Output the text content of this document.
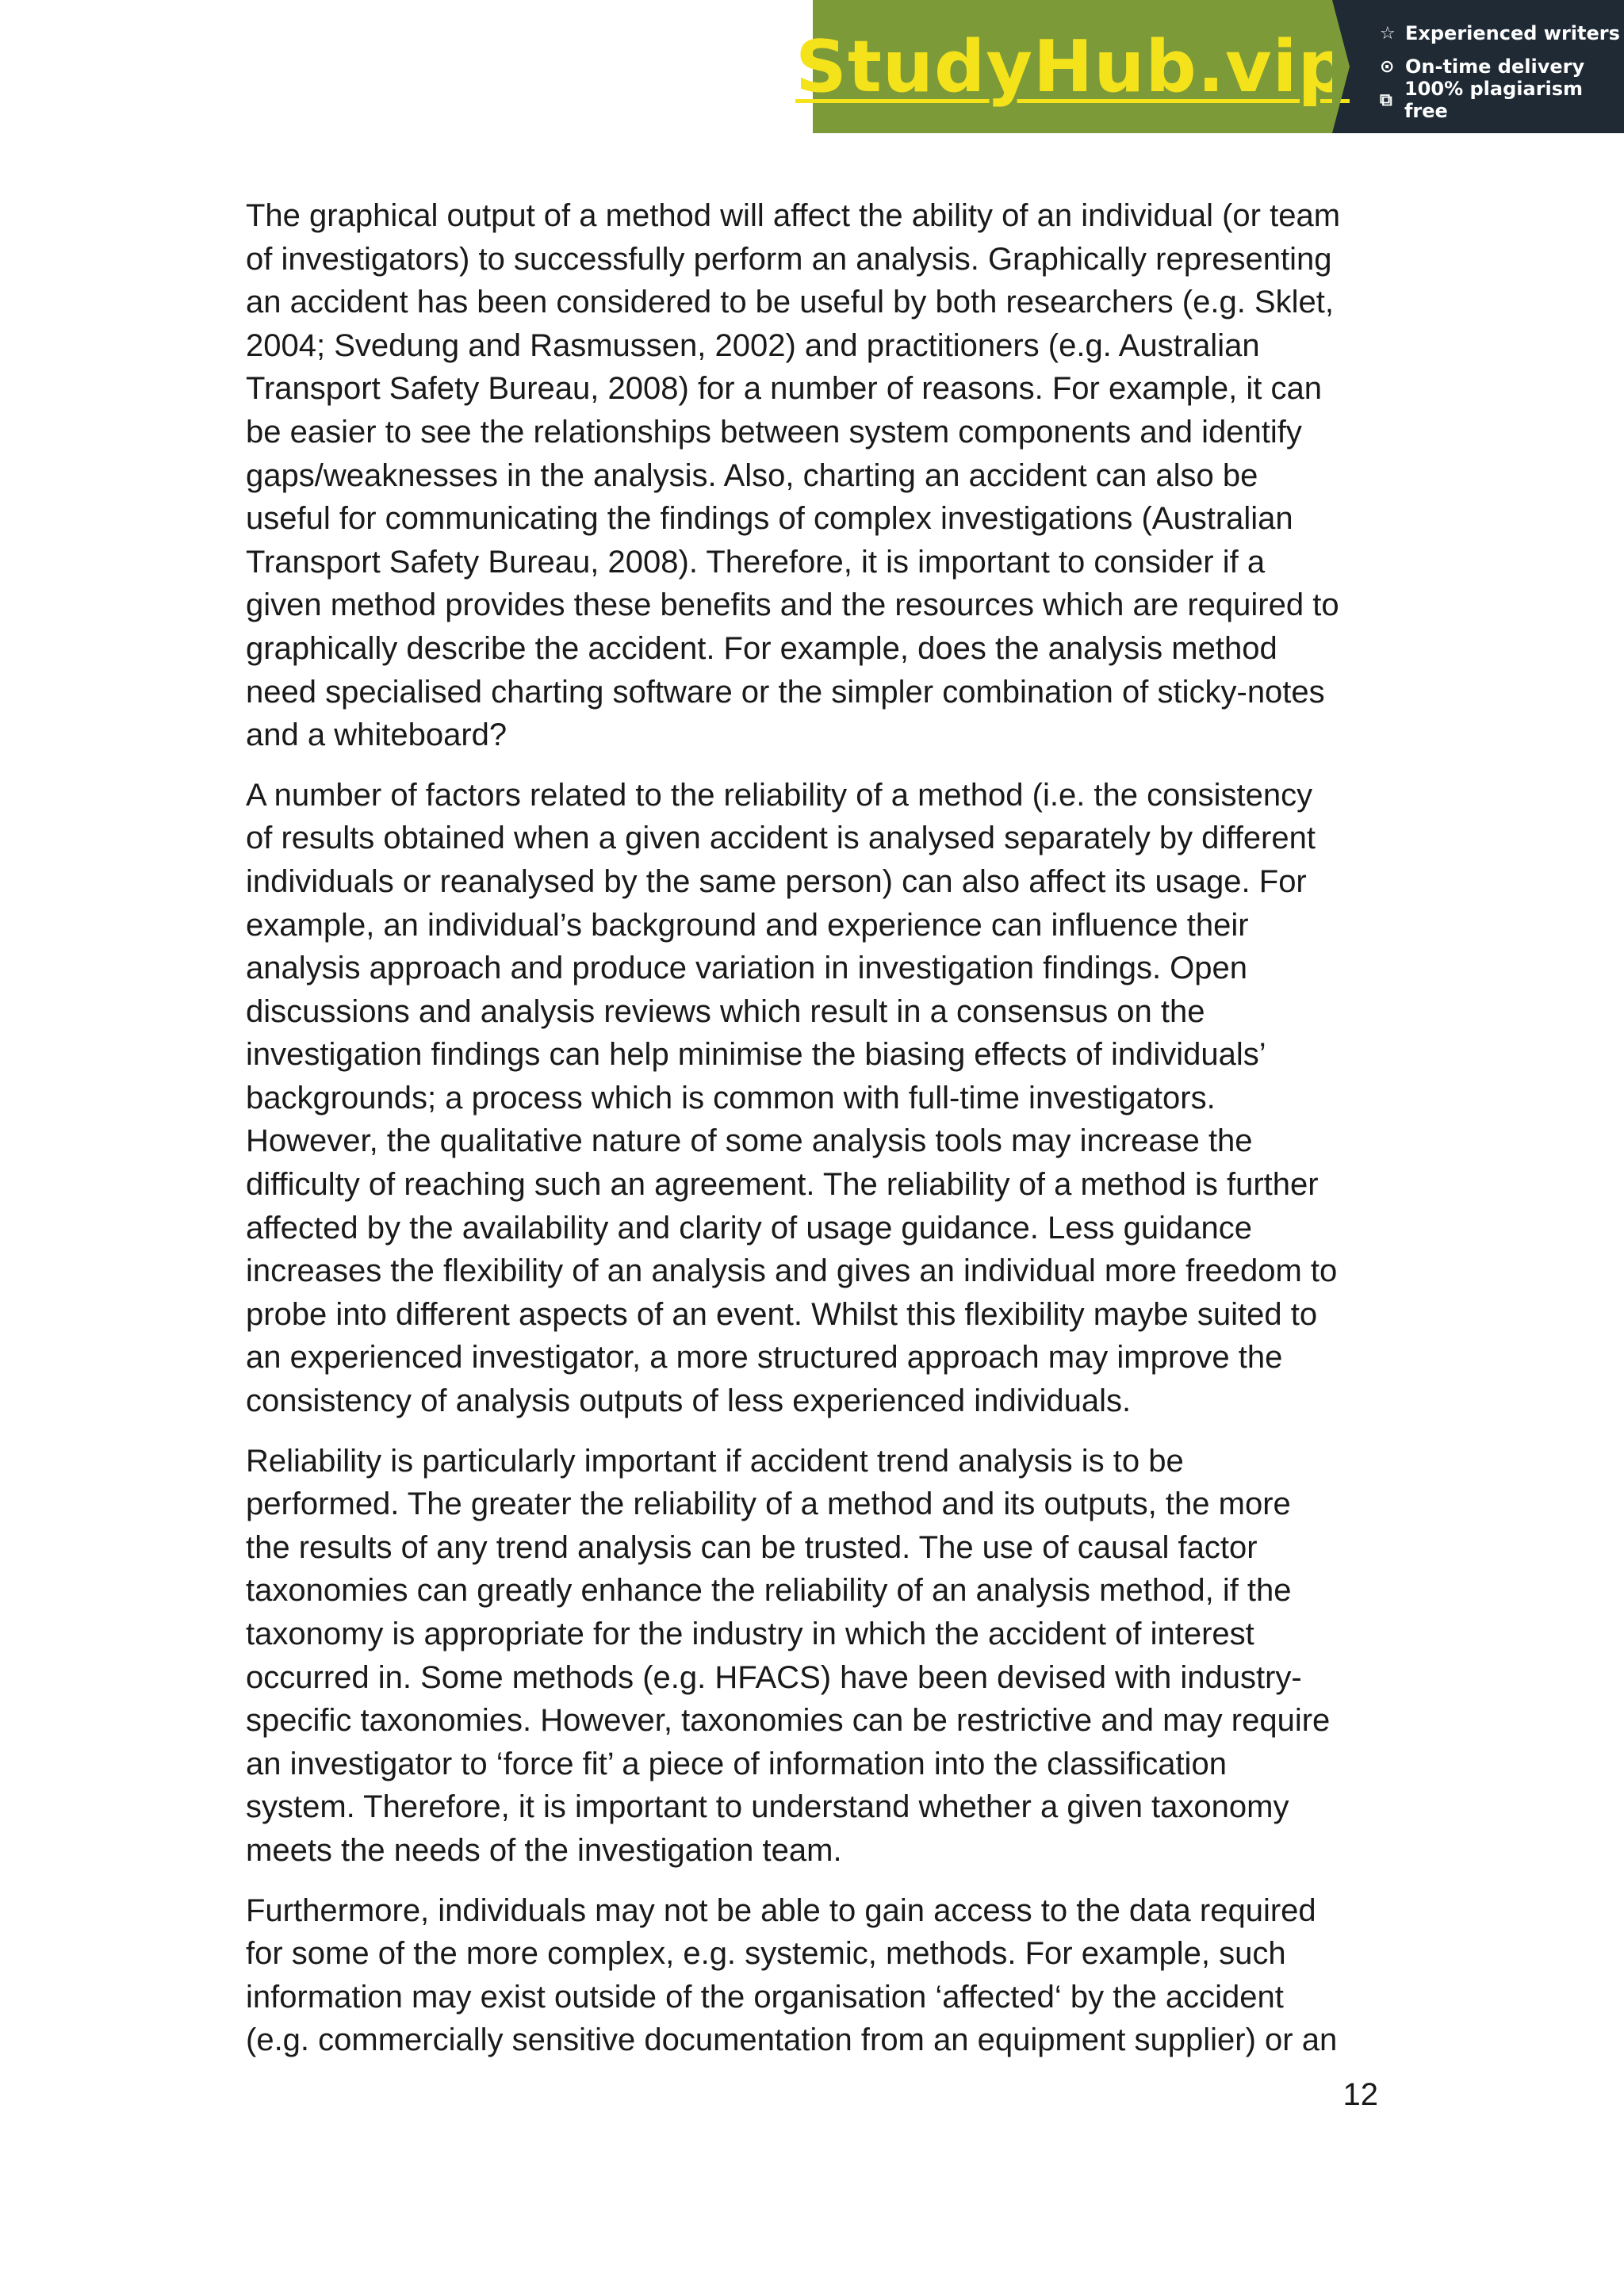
StudyHub.vip ☆ Experienced writers
⊙ On-time delivery
⧉ 100% plagiarism free

The graphical output of a method will affect the ability of an individual (or team
of investigators) to successfully perform an analysis. Graphically representing
an accident has been considered to be useful by both researchers (e.g. Sklet,
2004; Svedung and Rasmussen, 2002) and practitioners (e.g. Australian
Transport Safety Bureau, 2008) for a number of reasons. For example, it can
be easier to see the relationships between system components and identify
gaps/weaknesses in the analysis. Also, charting an accident can also be
useful for communicating the findings of complex investigations (Australian
Transport Safety Bureau, 2008). Therefore, it is important to consider if a
given method provides these benefits and the resources which are required to
graphically describe the accident. For example, does the analysis method
need specialised charting software or the simpler combination of sticky-notes
and a whiteboard?

A number of factors related to the reliability of a method (i.e. the consistency
of results obtained when a given accident is analysed separately by different
individuals or reanalysed by the same person) can also affect its usage. For
example, an individual’s background and experience can influence their
analysis approach and produce variation in investigation findings. Open
discussions and analysis reviews which result in a consensus on the
investigation findings can help minimise the biasing effects of individuals’
backgrounds; a process which is common with full-time investigators.
However, the qualitative nature of some analysis tools may increase the
difficulty of reaching such an agreement. The reliability of a method is further
affected by the availability and clarity of usage guidance. Less guidance
increases the flexibility of an analysis and gives an individual more freedom to
probe into different aspects of an event. Whilst this flexibility maybe suited to
an experienced investigator, a more structured approach may improve the
consistency of analysis outputs of less experienced individuals.

Reliability is particularly important if accident trend analysis is to be
performed. The greater the reliability of a method and its outputs, the more
the results of any trend analysis can be trusted. The use of causal factor
taxonomies can greatly enhance the reliability of an analysis method, if the
taxonomy is appropriate for the industry in which the accident of interest
occurred in. Some methods (e.g. HFACS) have been devised with industry-
specific taxonomies. However, taxonomies can be restrictive and may require
an investigator to ‘force fit’ a piece of information into the classification
system. Therefore, it is important to understand whether a given taxonomy
meets the needs of the investigation team.

Furthermore, individuals may not be able to gain access to the data required
for some of the more complex, e.g. systemic, methods. For example, such
information may exist outside of the organisation ‘affected‘ by the accident
(e.g. commercially sensitive documentation from an equipment supplier) or an

12
